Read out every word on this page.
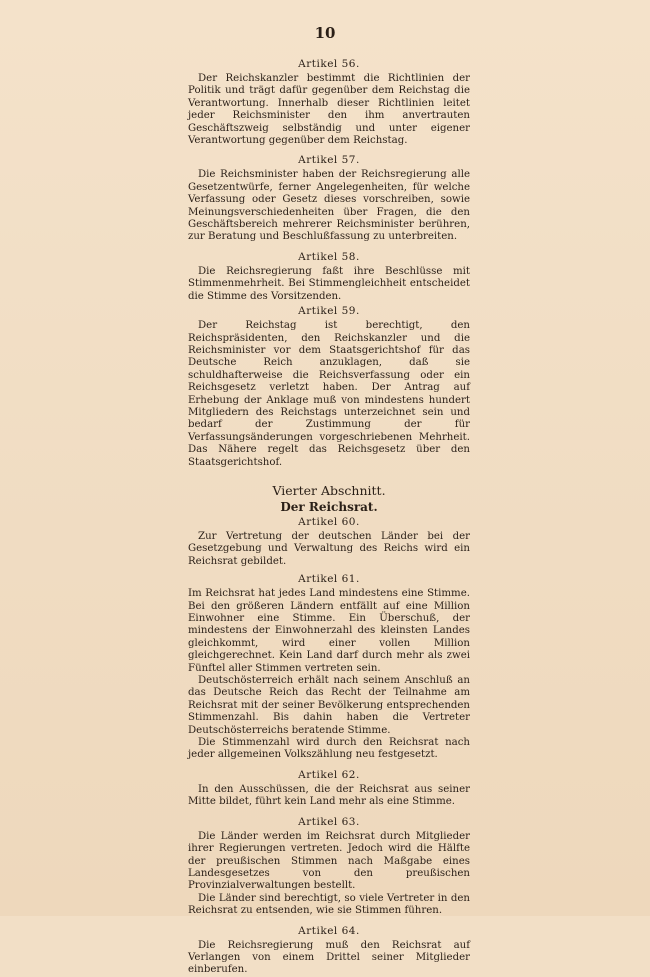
10
Artikel 56.

Der Reichskanzler bestimmt die Richtlinien der Politik und trägt dafür gegenüber dem Reichstag die Verantwortung. Innerhalb dieser Richtlinien leitet jeder Reichsminister den ihm anvertrauten Geschäftszweig selbständig und unter eigener Verantwortung gegenüber dem Reichstag.

Artikel 57.

Die Reichsminister haben der Reichsregierung alle Gesetzentwürfe, ferner Angelegenheiten, für welche Verfassung oder Gesetz dieses vorschreiben, sowie Meinungsverschiedenheiten über Fragen, die den Geschäftsbereich mehrerer Reichsminister berühren, zur Beratung und Beschlußfassung zu unterbreiten.

Artikel 58.

Die Reichsregierung faßt ihre Beschlüsse mit Stimmenmehrheit. Bei Stimmengleichheit entscheidet die Stimme des Vorsitzenden.

Artikel 59.

Der Reichstag ist berechtigt, den Reichspräsidenten, den Reichskanzler und die Reichsminister vor dem Staatsgerichtshof für das Deutsche Reich anzuklagen, daß sie schuldhafterweise die Reichsverfassung oder ein Reichsgesetz verletzt haben. Der Antrag auf Erhebung der Anklage muß von mindestens hundert Mitgliedern des Reichstags unterzeichnet sein und bedarf der Zustimmung der für Verfassungsänderungen vorgeschriebenen Mehrheit. Das Nähere regelt das Reichsgesetz über den Staatsgerichtshof.

Vierter Abschnitt.
Der Reichsrat.
Artikel 60.

Zur Vertretung der deutschen Länder bei der Gesetzgebung und Verwaltung des Reichs wird ein Reichsrat gebildet.

Artikel 61.

Im Reichsrat hat jedes Land mindestens eine Stimme. Bei den größeren Ländern entfällt auf eine Million Einwohner eine Stimme. Ein Überschuß, der mindestens der Einwohnerzahl des kleinsten Landes gleichkommt, wird einer vollen Million gleichgerechnet. Kein Land darf durch mehr als zwei Fünftel aller Stimmen vertreten sein.

Deutschösterreich erhält nach seinem Anschluß an das Deutsche Reich das Recht der Teilnahme am Reichsrat mit der seiner Bevölkerung entsprechenden Stimmenzahl. Bis dahin haben die Vertreter Deutschösterreichs beratende Stimme.

Die Stimmenzahl wird durch den Reichsrat nach jeder allgemeinen Volkszählung neu festgesetzt.

Artikel 62.

In den Ausschüssen, die der Reichsrat aus seiner Mitte bildet, führt kein Land mehr als eine Stimme.

Artikel 63.

Die Länder werden im Reichsrat durch Mitglieder ihrer Regierungen vertreten. Jedoch wird die Hälfte der preußischen Stimmen nach Maßgabe eines Landesgesetzes von den preußischen Provinzialverwaltungen bestellt.

Die Länder sind berechtigt, so viele Vertreter in den Reichsrat zu entsenden, wie sie Stimmen führen.

Artikel 64.

Die Reichsregierung muß den Reichsrat auf Verlangen von einem Drittel seiner Mitglieder einberufen.
